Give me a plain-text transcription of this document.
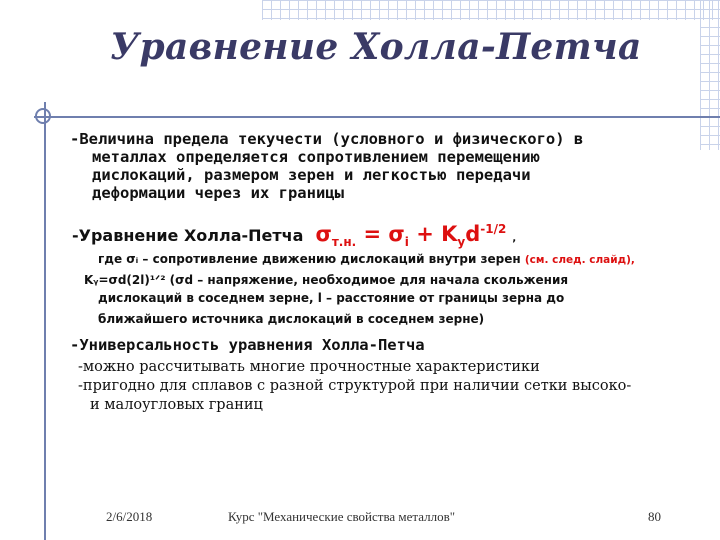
Уравнение Холла-Петча
-Величина предела текучести (условного и физического) в
металлах определяется сопротивлением перемещению
дислокаций, размером зерен и легкостью передачи
деформации через их границы
-Уравнение Холла-Петча $\sigma_{т.н.} = \sigma_i + K_yd^{-1/2}$
,
где σᵢ – сопротивление движению дислокаций внутри зерен (см. след. слайд),
Kᵧ=σd(2l)¹ᐟ² (σd – напряжение, необходимое для начала скольжения
дислокаций в соседнем зерне, l – расстояние от границы зерна до
ближайшего источника дислокаций в соседнем зерне)
-Универсальность уравнения Холла-Петча
-можно рассчитывать многие прочностные характеристики
-пригодно для сплавов с разной структурой при наличии сетки высоко-
и малоугловых границ
2/6/2018	Курс "Механические свойства металлов"	80
